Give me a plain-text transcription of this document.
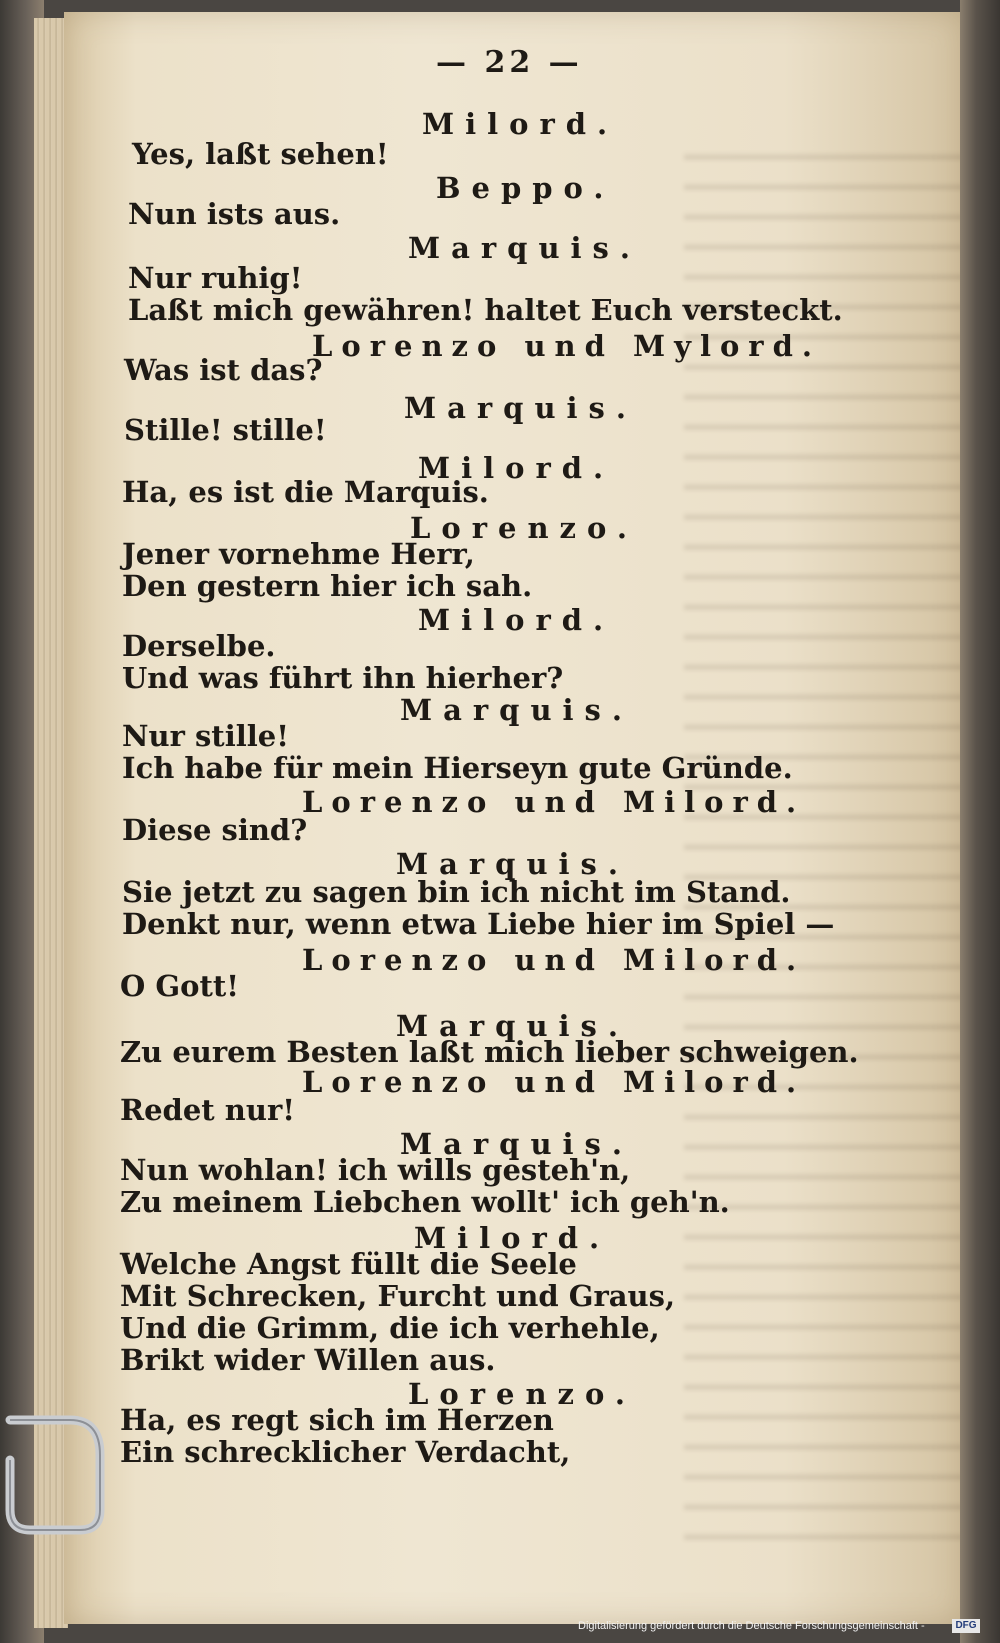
— 22 —
Milord.
Yes, laßt sehen!
Beppo.
Nun ists aus.
Marquis.
Nur ruhig!
Laßt mich gewähren! haltet Euch versteckt.
Lorenzo und Mylord.
Was ist das?
Marquis.
Stille! stille!
Milord.
Ha, es ist die Marquis.
Lorenzo.
Jener vornehme Herr,
Den gestern hier ich sah.
Milord.
Derselbe.
Und was führt ihn hierher?
Marquis.
Nur stille!
Ich habe für mein Hierseyn gute Gründe.
Lorenzo und Milord.
Diese sind?
Marquis.
Sie jetzt zu sagen bin ich nicht im Stand.
Denkt nur, wenn etwa Liebe hier im Spiel —
Lorenzo und Milord.
O Gott!
Marquis.
Zu eurem Besten laßt mich lieber schweigen.
Lorenzo und Milord.
Redet nur!
Marquis.
Nun wohlan! ich wills gesteh'n,
Zu meinem Liebchen wollt' ich geh'n.
Milord.
Welche Angst füllt die Seele
Mit Schrecken, Furcht und Graus,
Und die Grimm, die ich verhehle,
Brikt wider Willen aus.
Lorenzo.
Ha, es regt sich im Herzen
Ein schrecklicher Verdacht,
Digitalisierung gefördert durch die Deutsche Forschungsgemeinschaft -	DFG
